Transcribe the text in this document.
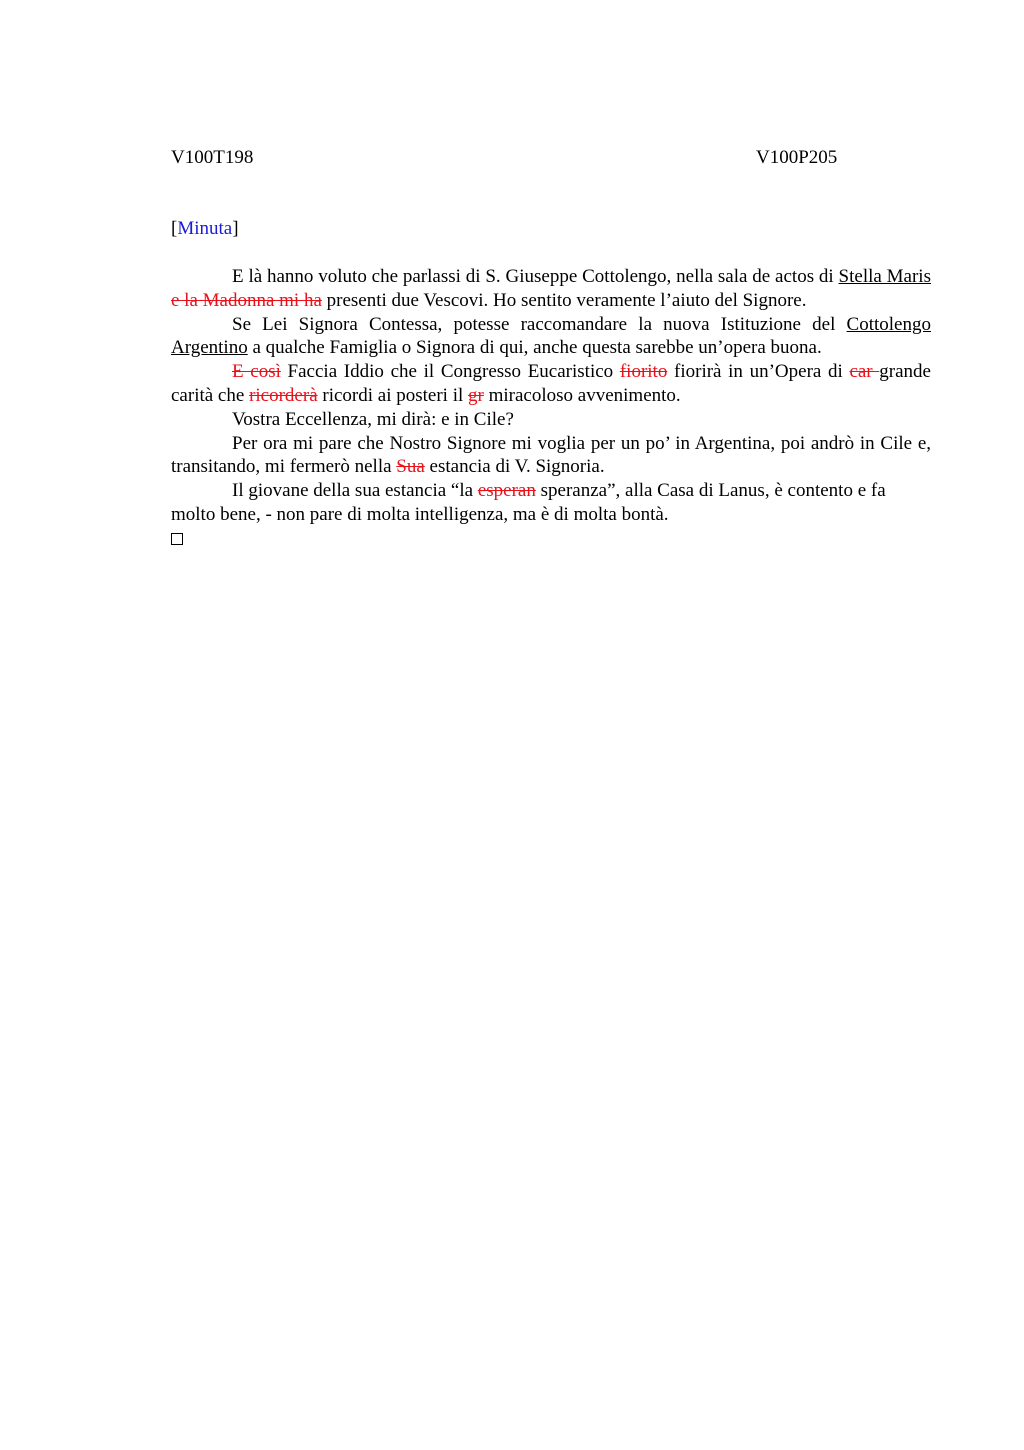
V100T198	V100P205
[Minuta]

E là hanno voluto che parlassi di S. Giuseppe Cottolengo, nella sala de actos di Stella Maris e la Madonna mi ha presenti due Vescovi. Ho sentito veramente l’aiuto del Signore.

Se Lei Signora Contessa, potesse raccomandare la nuova Istituzione del Cottolengo Argentino a qualche Famiglia o Signora di qui, anche questa sarebbe un’opera buona.

E così Faccia Iddio che il Congresso Eucaristico fiorito fiorirà in un’Opera di car grande carità che ricorderà ricordi ai posteri il gr miracoloso avvenimento.

Vostra Eccellenza, mi dirà: e in Cile?

Per ora mi pare che Nostro Signore mi voglia per un po’ in Argentina, poi andrò in Cile e, transitando, mi fermerò nella Sua estancia di V. Signoria.

Il giovane della sua estancia “la esperan speranza”, alla Casa di Lanus, è contento e fa molto bene, - non pare di molta intelligenza, ma è di molta bontà.
